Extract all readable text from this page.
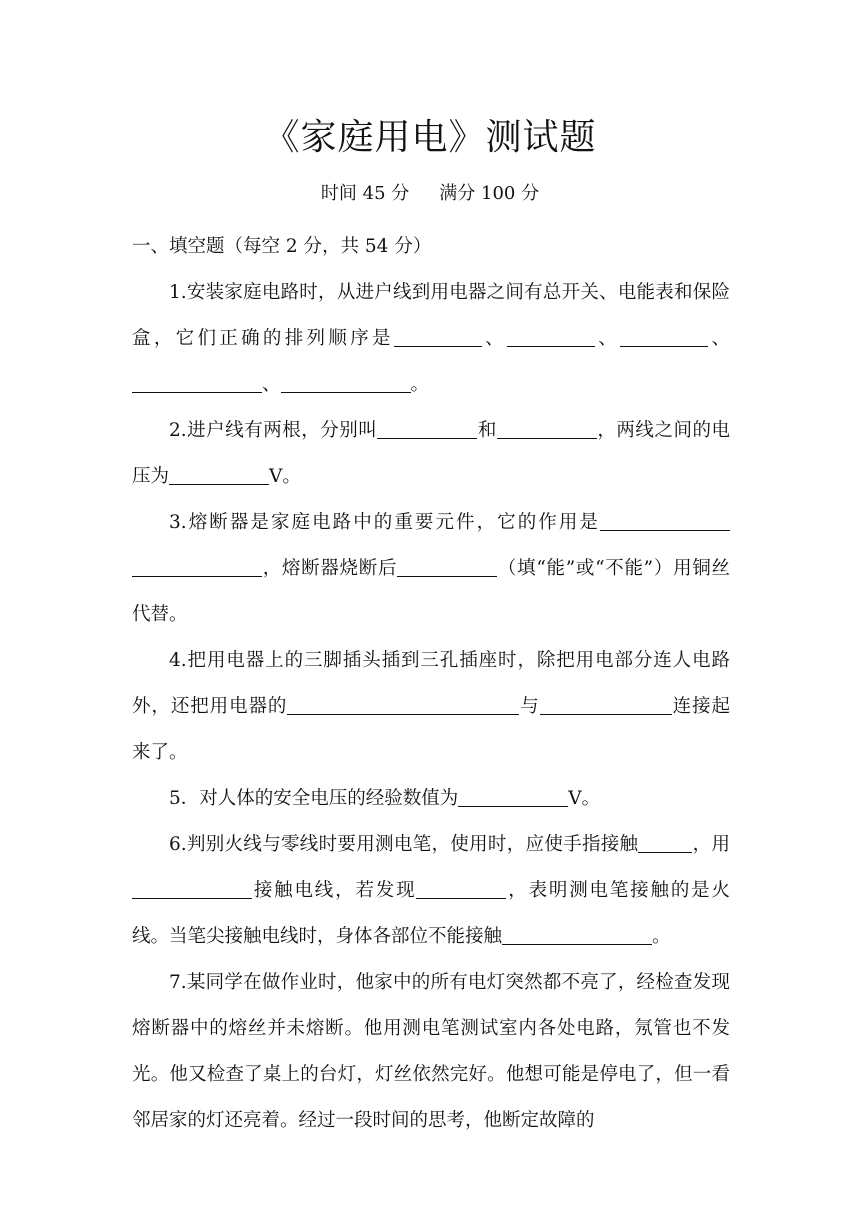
《家庭用电》测试题
时间 45 分 满分 100 分

一、填空题（每空 2 分，共 54 分）

1.安装家庭电路时，从进户线到用电器之间有总开关、电能表和保险盒，它们正确的排列顺序是	、	、	、、	。

2.进户线有两根，分别叫	和	，两线之间的电压为	V。

3.熔断器是家庭电路中的重要元件，它的作用是，熔断器烧断后	（填“能”或“不能”）用铜丝代替。

4.把用电器上的三脚插头插到三孔插座时，除把用电部分连人电路外，还把用电器的	与	连接起来了。

5．对人体的安全电压的经验数值为	V。

6.判别火线与零线时要用测电笔，使用时，应使手指接触	，用接触电线，若发现	，表明测电笔接触的是火线。当笔尖接触电线时，身体各部位不能接触	。

7.某同学在做作业时，他家中的所有电灯突然都不亮了，经检查发现熔断器中的熔丝并未熔断。他用测电笔测试室内各处电路，氖管也不发光。他又检查了桌上的台灯，灯丝依然完好。他想可能是停电了，但一看邻居家的灯还亮着。经过一段时间的思考，他断定故障的
